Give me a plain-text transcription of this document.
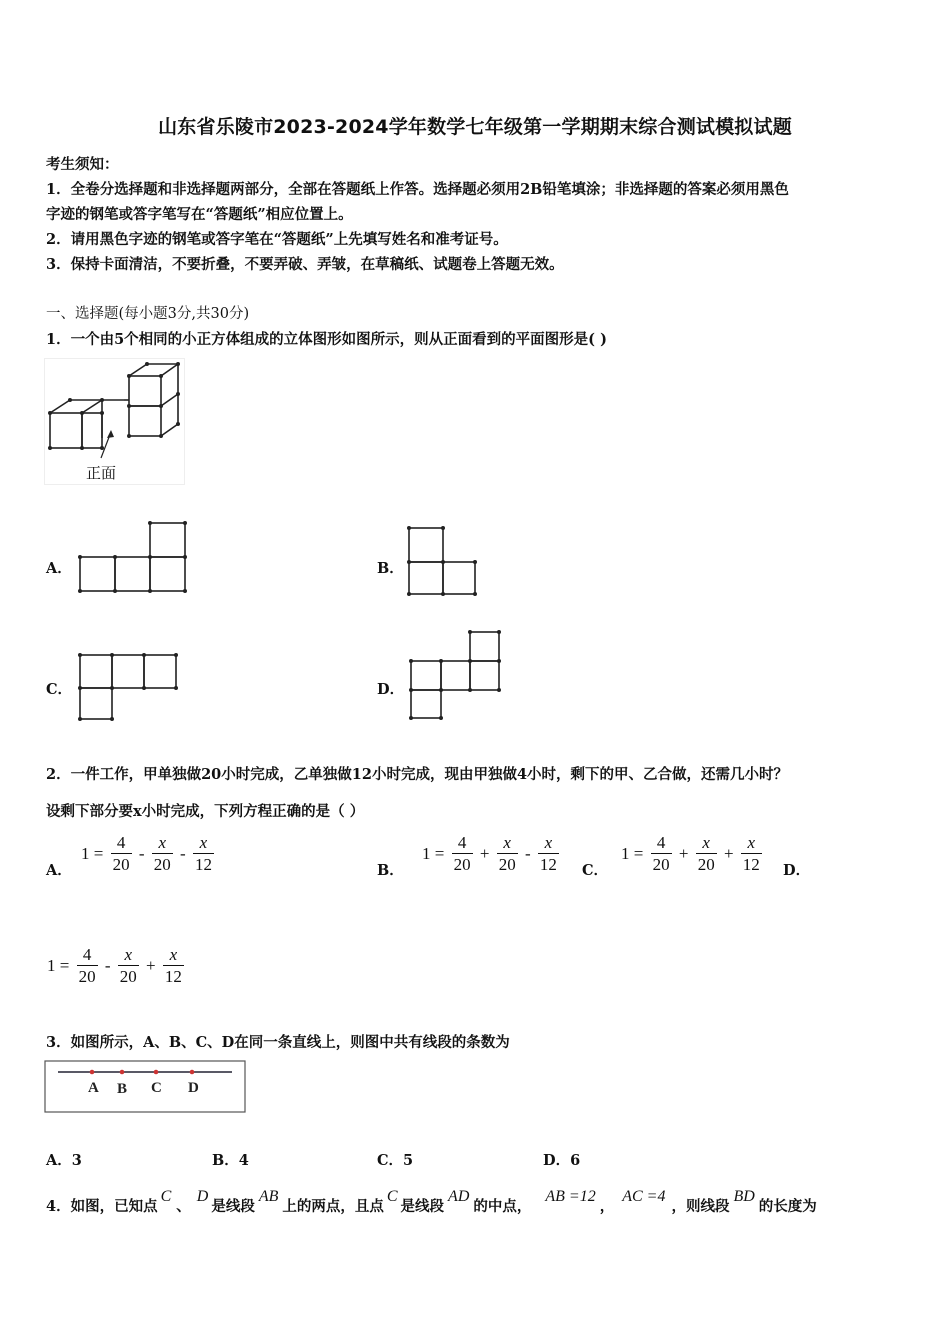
山东省乐陵市2023-2024学年数学七年级第一学期期末综合测试模拟试题
考生须知：
1．全卷分选择题和非选择题两部分，全部在答题纸上作答。选择题必须用2B铅笔填涂；非选择题的答案必须用黑色
字迹的钢笔或答字笔写在“答题纸”相应位置上。
2．请用黑色字迹的钢笔或答字笔在“答题纸”上先填写姓名和准考证号。
3．保持卡面清洁，不要折叠，不要弄破、弄皱，在草稿纸、试题卷上答题无效。
一、选择题(每小题3分,共30分)
1．一个由5个相同的小正方体组成的立体图形如图所示，则从正面看到的平面图形是( )
正面
A．	B．
C．	D．
2．一件工作，甲单独做20小时完成，乙单独做12小时完成，现由甲独做4小时，剩下的甲、乙合做，还需几小时？
设剩下部分要x小时完成，下列方程正确的是（ ）
A．
$1 = \frac{4}{20} - \frac{x}{20} - \frac{x}{12}$	B．
$1 = \frac{4}{20} + \frac{x}{20} - \frac{x}{12}$ C．
$1 = \frac{4}{20} + \frac{x}{20} + \frac{x}{12}$ D．
$1 = \frac{4}{20} - \frac{x}{20} + \frac{x}{12}$
3．如图所示，A、B、C、D在同一条直线上，则图中共有线段的条数为
A B C D
A．3	B．4	C．5	D．6
4．如图，已知点C、D是线段AB上的两点，且点C是线段AD的中点，AB =12，AC =4，则线段BD的长度为
